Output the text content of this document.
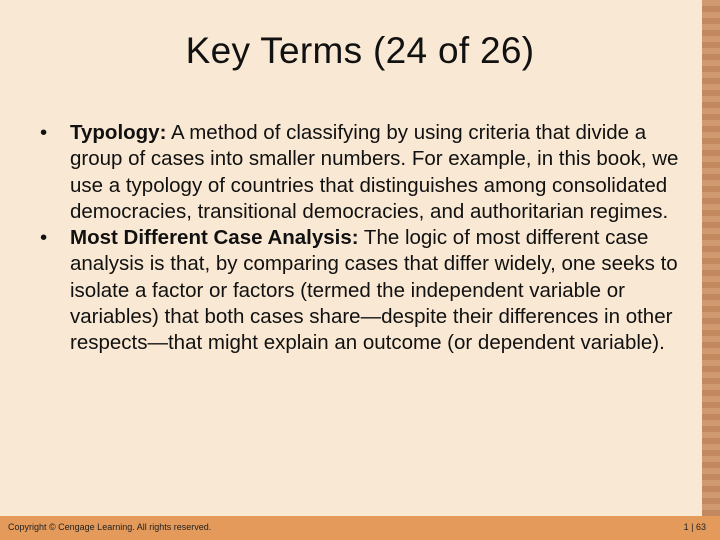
Key Terms (24 of 26)

•	Typology: A method of classifying by using criteria that divide a group of cases into smaller numbers. For example, in this book, we use a typology of countries that distinguishes among consolidated democracies, transitional democracies, and authoritarian regimes.

•	Most Different Case Analysis: The logic of most different case analysis is that, by comparing cases that differ widely, one seeks to isolate a factor or factors (termed the independent variable or variables) that both cases share—despite their differences in other respects—that might explain an outcome (or dependent variable).

Copyright © Cengage Learning. All rights reserved.	1 | 63
